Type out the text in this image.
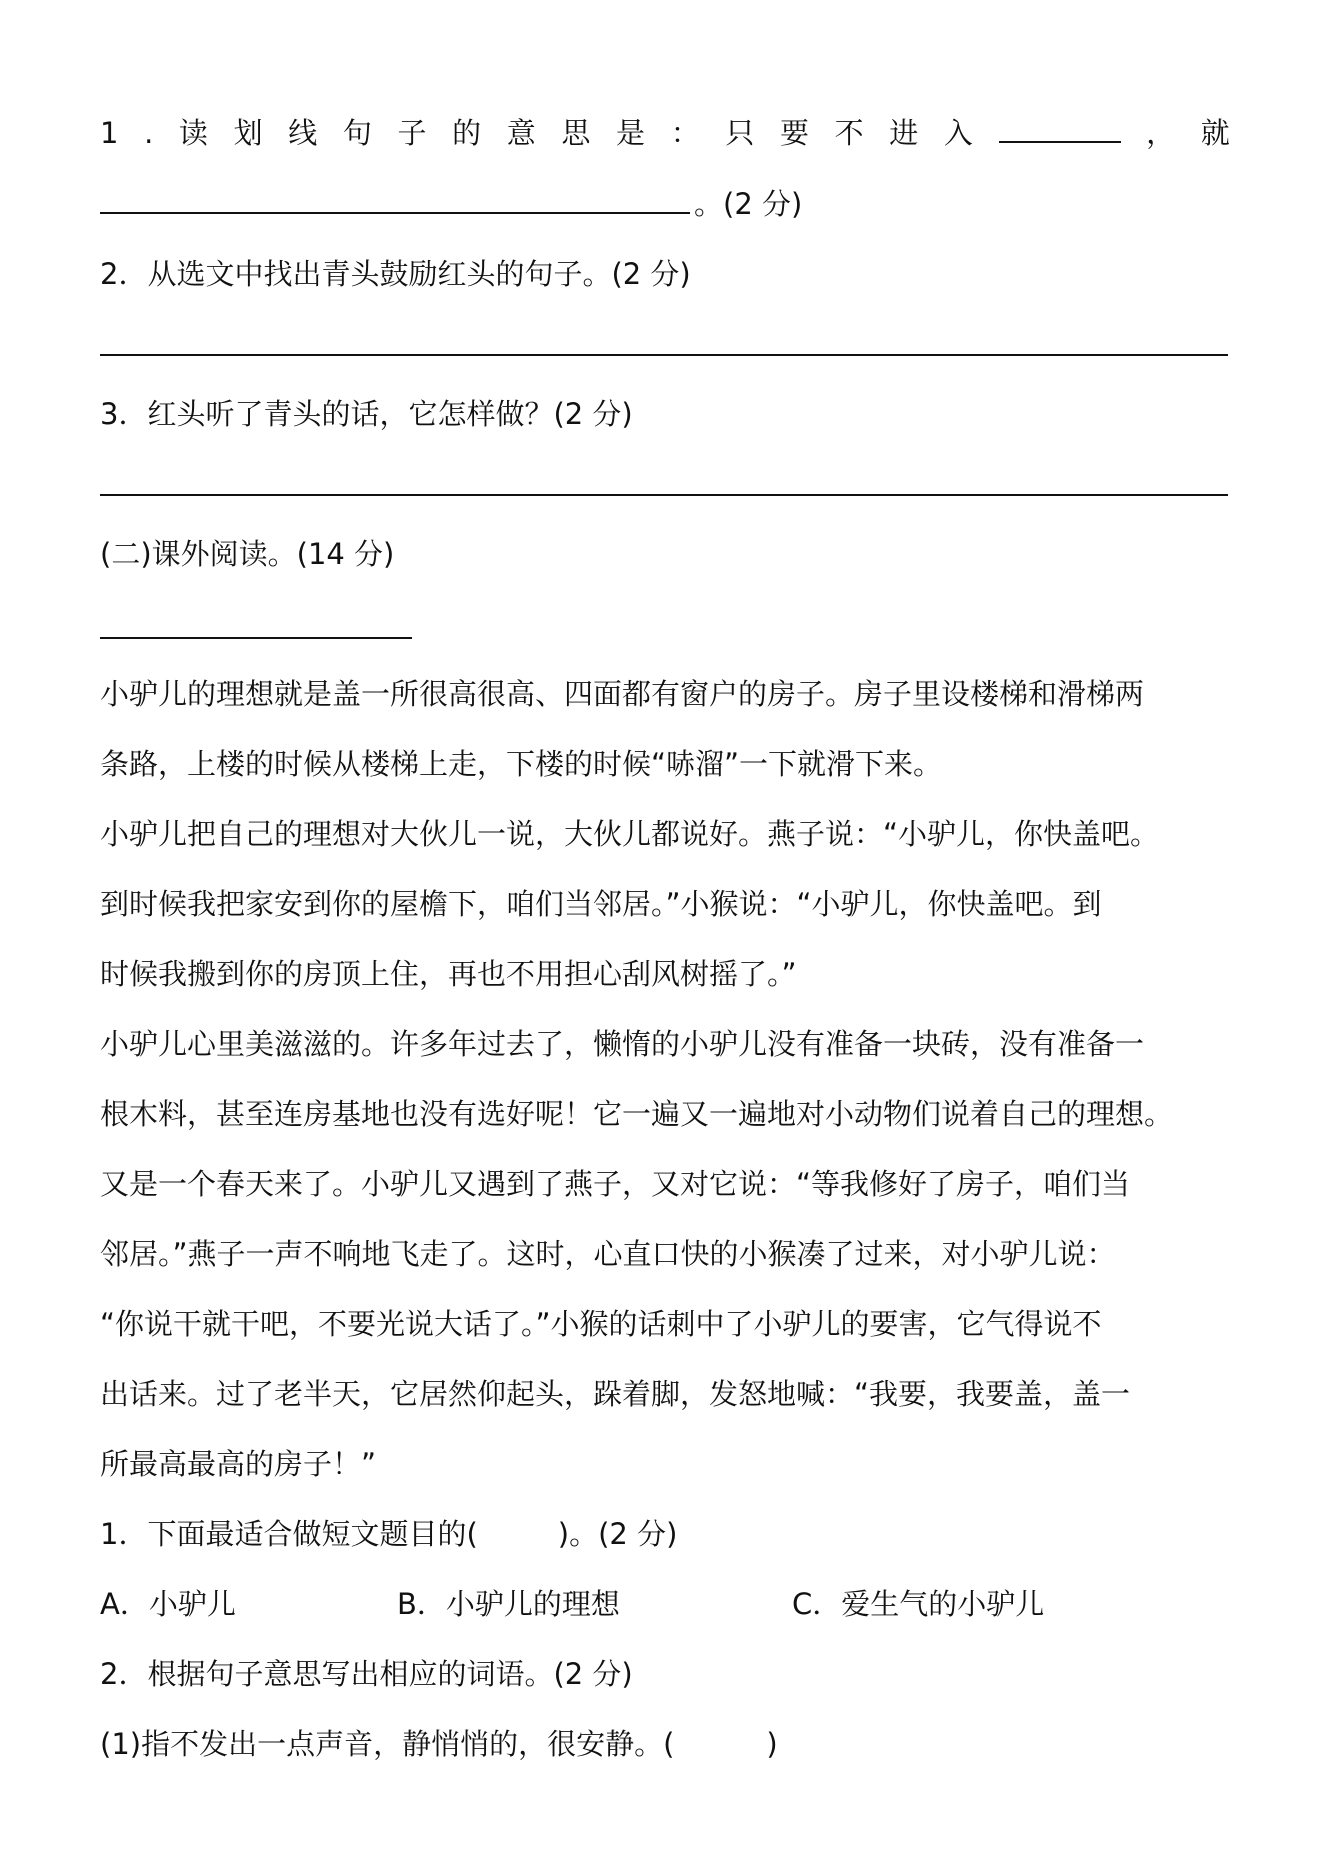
1 . 读 划 线 句 子 的 意 思 是 ： 只 要 不 进 入	， 就
。(2 分)
2．从选文中找出青头鼓励红头的句子。(2 分)
3．红头听了青头的话，它怎样做？(2 分)
(二)课外阅读。(14 分)
小驴儿的理想就是盖一所很高很高、四面都有窗户的房子。房子里设楼梯和滑梯两
条路，上楼的时候从楼梯上走，下楼的时候“哧溜”一下就滑下来。
小驴儿把自己的理想对大伙儿一说，大伙儿都说好。燕子说：“小驴儿，你快盖吧。
到时候我把家安到你的屋檐下，咱们当邻居。”小猴说：“小驴儿，你快盖吧。到
时候我搬到你的房顶上住，再也不用担心刮风树摇了。”
小驴儿心里美滋滋的。许多年过去了，懒惰的小驴儿没有准备一块砖，没有准备一
根木料，甚至连房基地也没有选好呢！它一遍又一遍地对小动物们说着自己的理想。
又是一个春天来了。小驴儿又遇到了燕子，又对它说：“等我修好了房子，咱们当
邻居。”燕子一声不响地飞走了。这时，心直口快的小猴凑了过来，对小驴儿说：
“你说干就干吧，不要光说大话了。”小猴的话刺中了小驴儿的要害，它气得说不
出话来。过了老半天，它居然仰起头，跺着脚，发怒地喊：“我要，我要盖，盖一
所最高最高的房子！”
1．下面最适合做短文题目的(	)。(2 分)
A．小驴儿	B．小驴儿的理想	C．爱生气的小驴儿
2．根据句子意思写出相应的词语。(2 分)
(1)指不发出一点声音，静悄悄的，很安静。(	)
